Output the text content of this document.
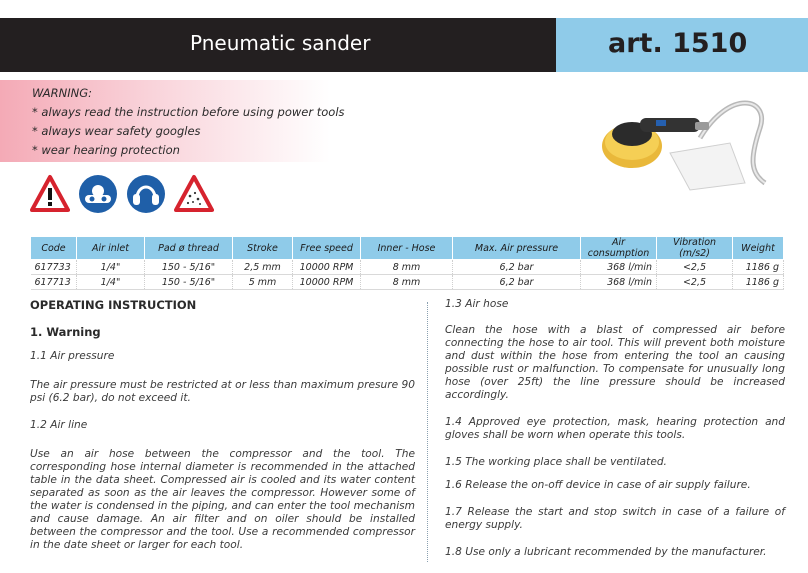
Pneumatic sander	art. 1510
WARNING:
* always read the instruction before using power tools
* always wear safety googles
* wear hearing protection
Code	Air inlet	Pad ø thread	Stroke	Free speed	Inner - Hose	Max. Air pressure	Air consumption	Vibration (m/s2)	Weight
617733	1/4"	150 - 5/16"	2,5 mm	10000 RPM	8 mm	6,2 bar	368 l/min	<2,5	1186 g
617713	1/4"	150 - 5/16"	5 mm	10000 RPM	8 mm	6,2 bar	368 l/min	<2,5	1186 g
OPERATING INSTRUCTION
1. Warning
1.1 Air pressure
The air pressure must be restricted at or less than maximum presure 90 psi (6.2 bar), do not exceed it.
1.2 Air line
Use an air hose between the compressor and the tool. The corresponding hose internal diameter is recommended in the attached table in the data sheet. Compressed air is cooled and its water content separated as soon as the air leaves the compressor. However some of the water is condensed in the piping, and can enter the tool mechanism and cause damage. An air filter and on oiler should be installed between the compressor and the tool. Use a recommended compressor in the date sheet or larger for each tool.
1.3 Air hose
Clean the hose with a blast of compressed air before connecting the hose to air tool. This will prevent both moisture and dust within the hose from entering the tool an causing possible rust or malfunction. To compensate for unusually long hose (over 25ft) the line pressure should be increased accordingly.
1.4 Approved eye protection, mask, hearing protection and gloves shall be worn when operate this tools.
1.5 The working place shall be ventilated.
1.6 Release the on-off device in case of air supply failure.
1.7 Release the start and stop switch in case of a failure of energy supply.
1.8 Use only a lubricant recommended by the manufacturer.
